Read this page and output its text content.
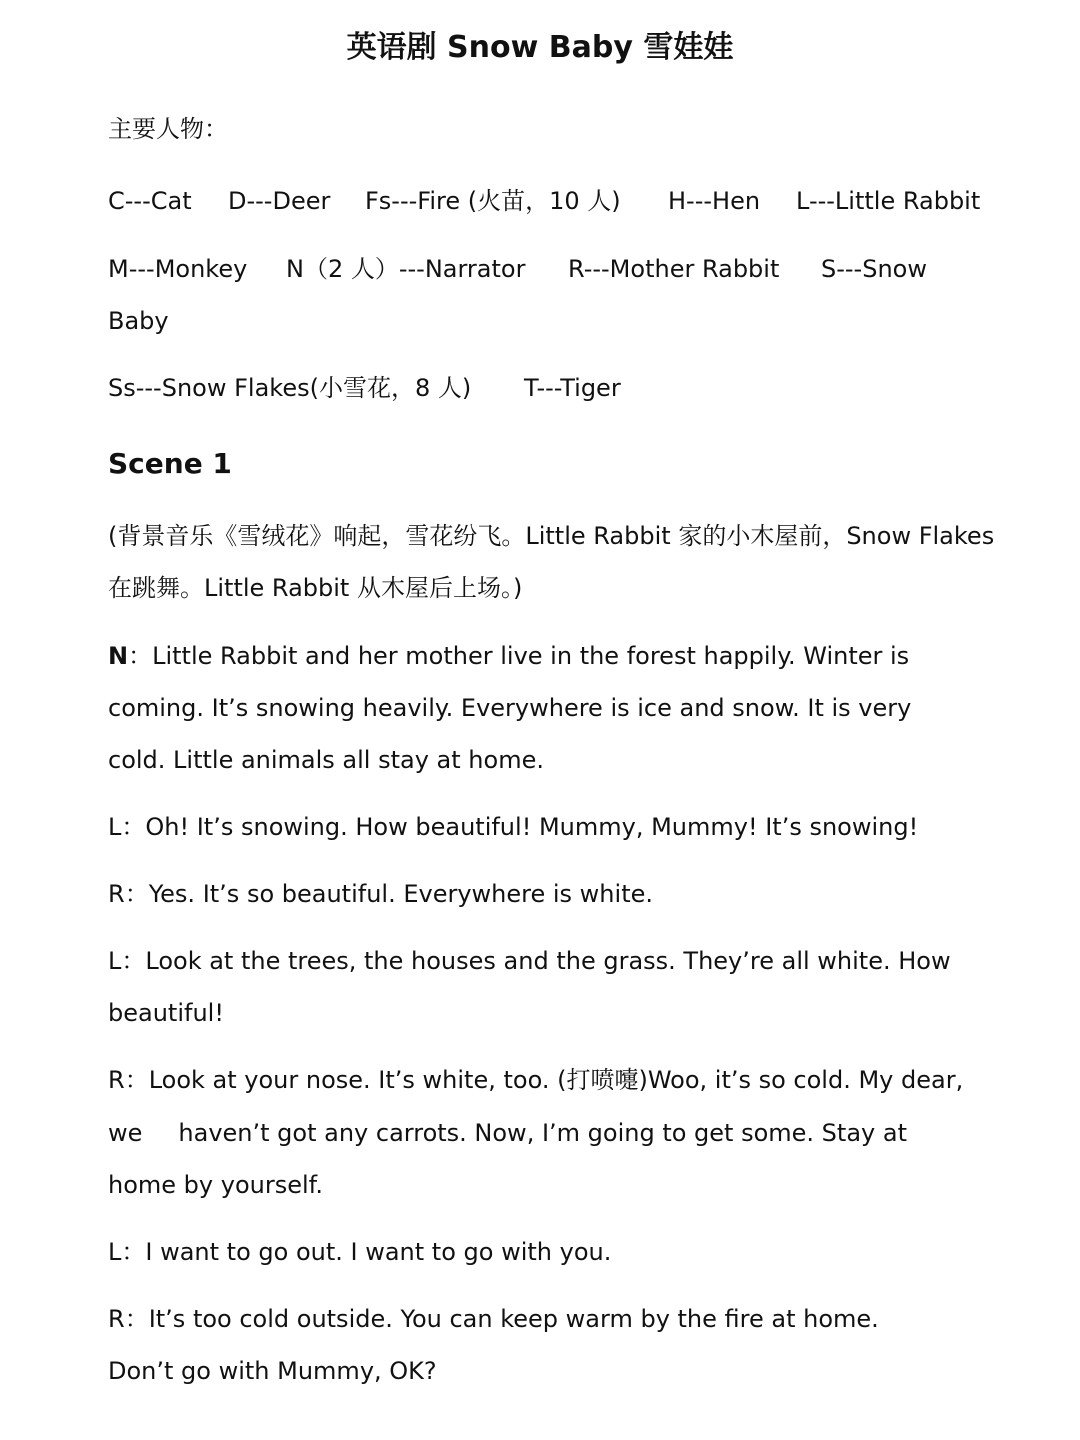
英语剧 Snow Baby 雪娃娃
主要人物：
C---Cat D---Deer Fs---Fire (火苗，10 人) H---Hen L---Little Rabbit
M---Monkey N（2 人）---Narrator R---Mother Rabbit S---Snow
Baby
Ss---Snow Flakes(小雪花，8 人) T---Tiger
Scene 1
(背景音乐《雪绒花》响起，雪花纷飞。Little Rabbit 家的小木屋前，Snow Flakes
在跳舞。Little Rabbit 从木屋后上场。)
N：Little Rabbit and her mother live in the forest happily. Winter is
coming. It’s snowing heavily. Everywhere is ice and snow. It is very
cold. Little animals all stay at home.
L：Oh! It’s snowing. How beautiful! Mummy, Mummy! It’s snowing!
R：Yes. It’s so beautiful. Everywhere is white.
L：Look at the trees, the houses and the grass. They’re all white. How
beautiful!
R：Look at your nose. It’s white, too. (打喷嚏)Woo, it’s so cold. My dear,
we haven’t got any carrots. Now, I’m going to get some. Stay at
home by yourself.
L：I want to go out. I want to go with you.
R：It’s too cold outside. You can keep warm by the fire at home.
Don’t go with Mummy, OK?
